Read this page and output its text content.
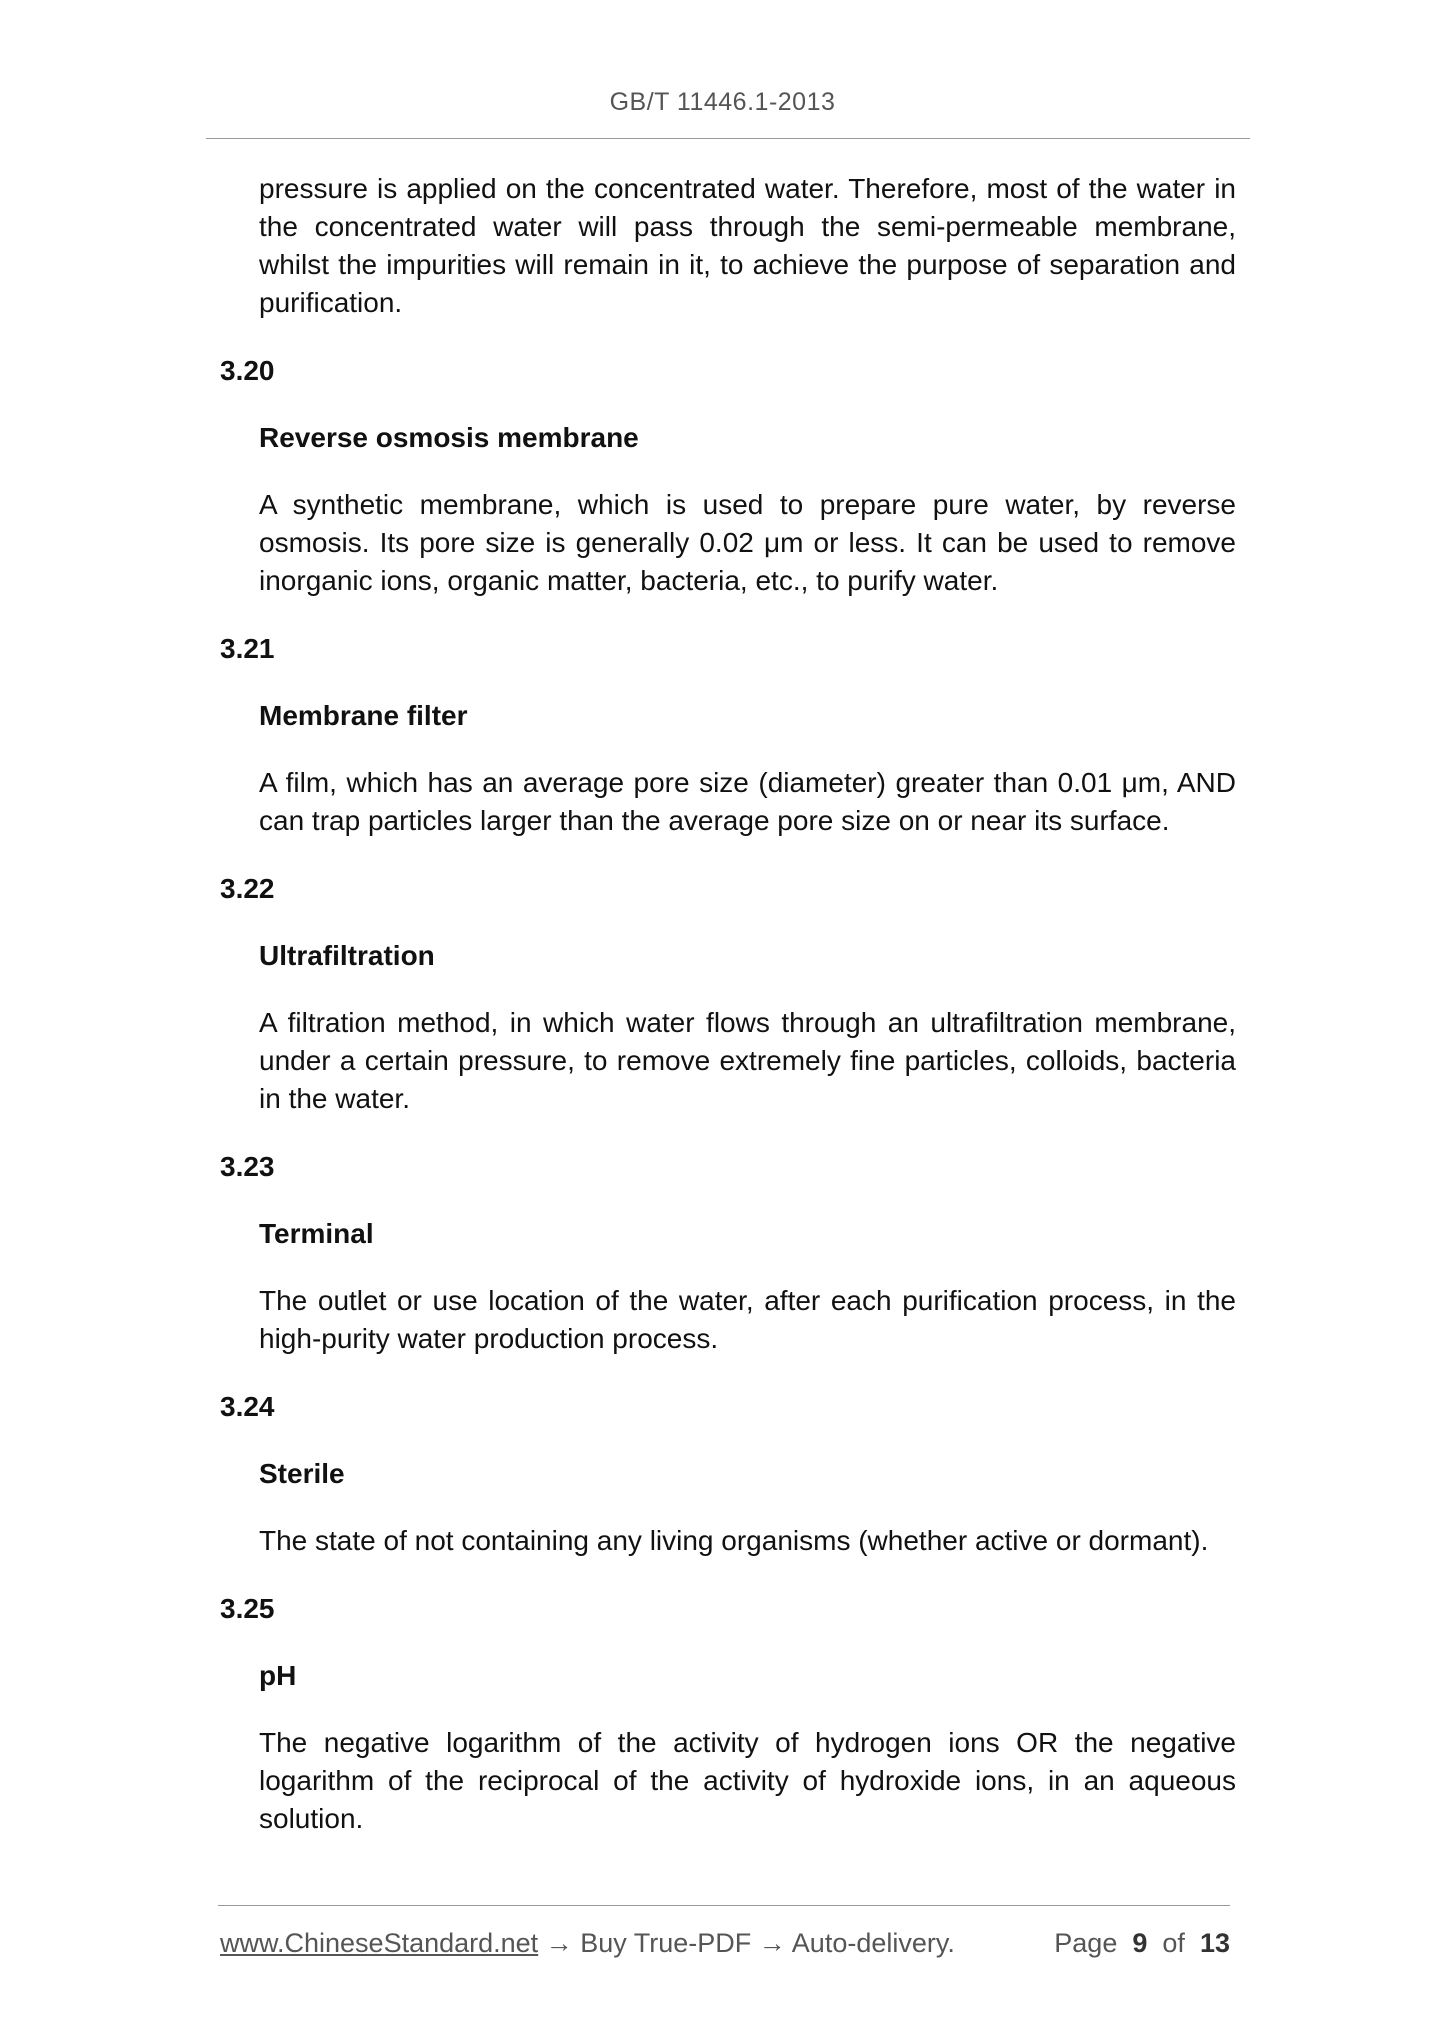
GB/T 11446.1-2013
pressure is applied on the concentrated water. Therefore, most of the water in the concentrated water will pass through the semi-permeable membrane, whilst the impurities will remain in it, to achieve the purpose of separation and purification.
3.20
Reverse osmosis membrane
A synthetic membrane, which is used to prepare pure water, by reverse osmosis. Its pore size is generally 0.02 μm or less. It can be used to remove inorganic ions, organic matter, bacteria, etc., to purify water.
3.21
Membrane filter
A film, which has an average pore size (diameter) greater than 0.01 μm, AND can trap particles larger than the average pore size on or near its surface.
3.22
Ultrafiltration
A filtration method, in which water flows through an ultrafiltration membrane, under a certain pressure, to remove extremely fine particles, colloids, bacteria in the water.
3.23
Terminal
The outlet or use location of the water, after each purification process, in the high-purity water production process.
3.24
Sterile
The state of not containing any living organisms (whether active or dormant).
3.25
pH
The negative logarithm of the activity of hydrogen ions OR the negative logarithm of the reciprocal of the activity of hydroxide ions, in an aqueous solution.
www.ChineseStandard.net → Buy True-PDF → Auto-delivery.	Page 9 of 13
